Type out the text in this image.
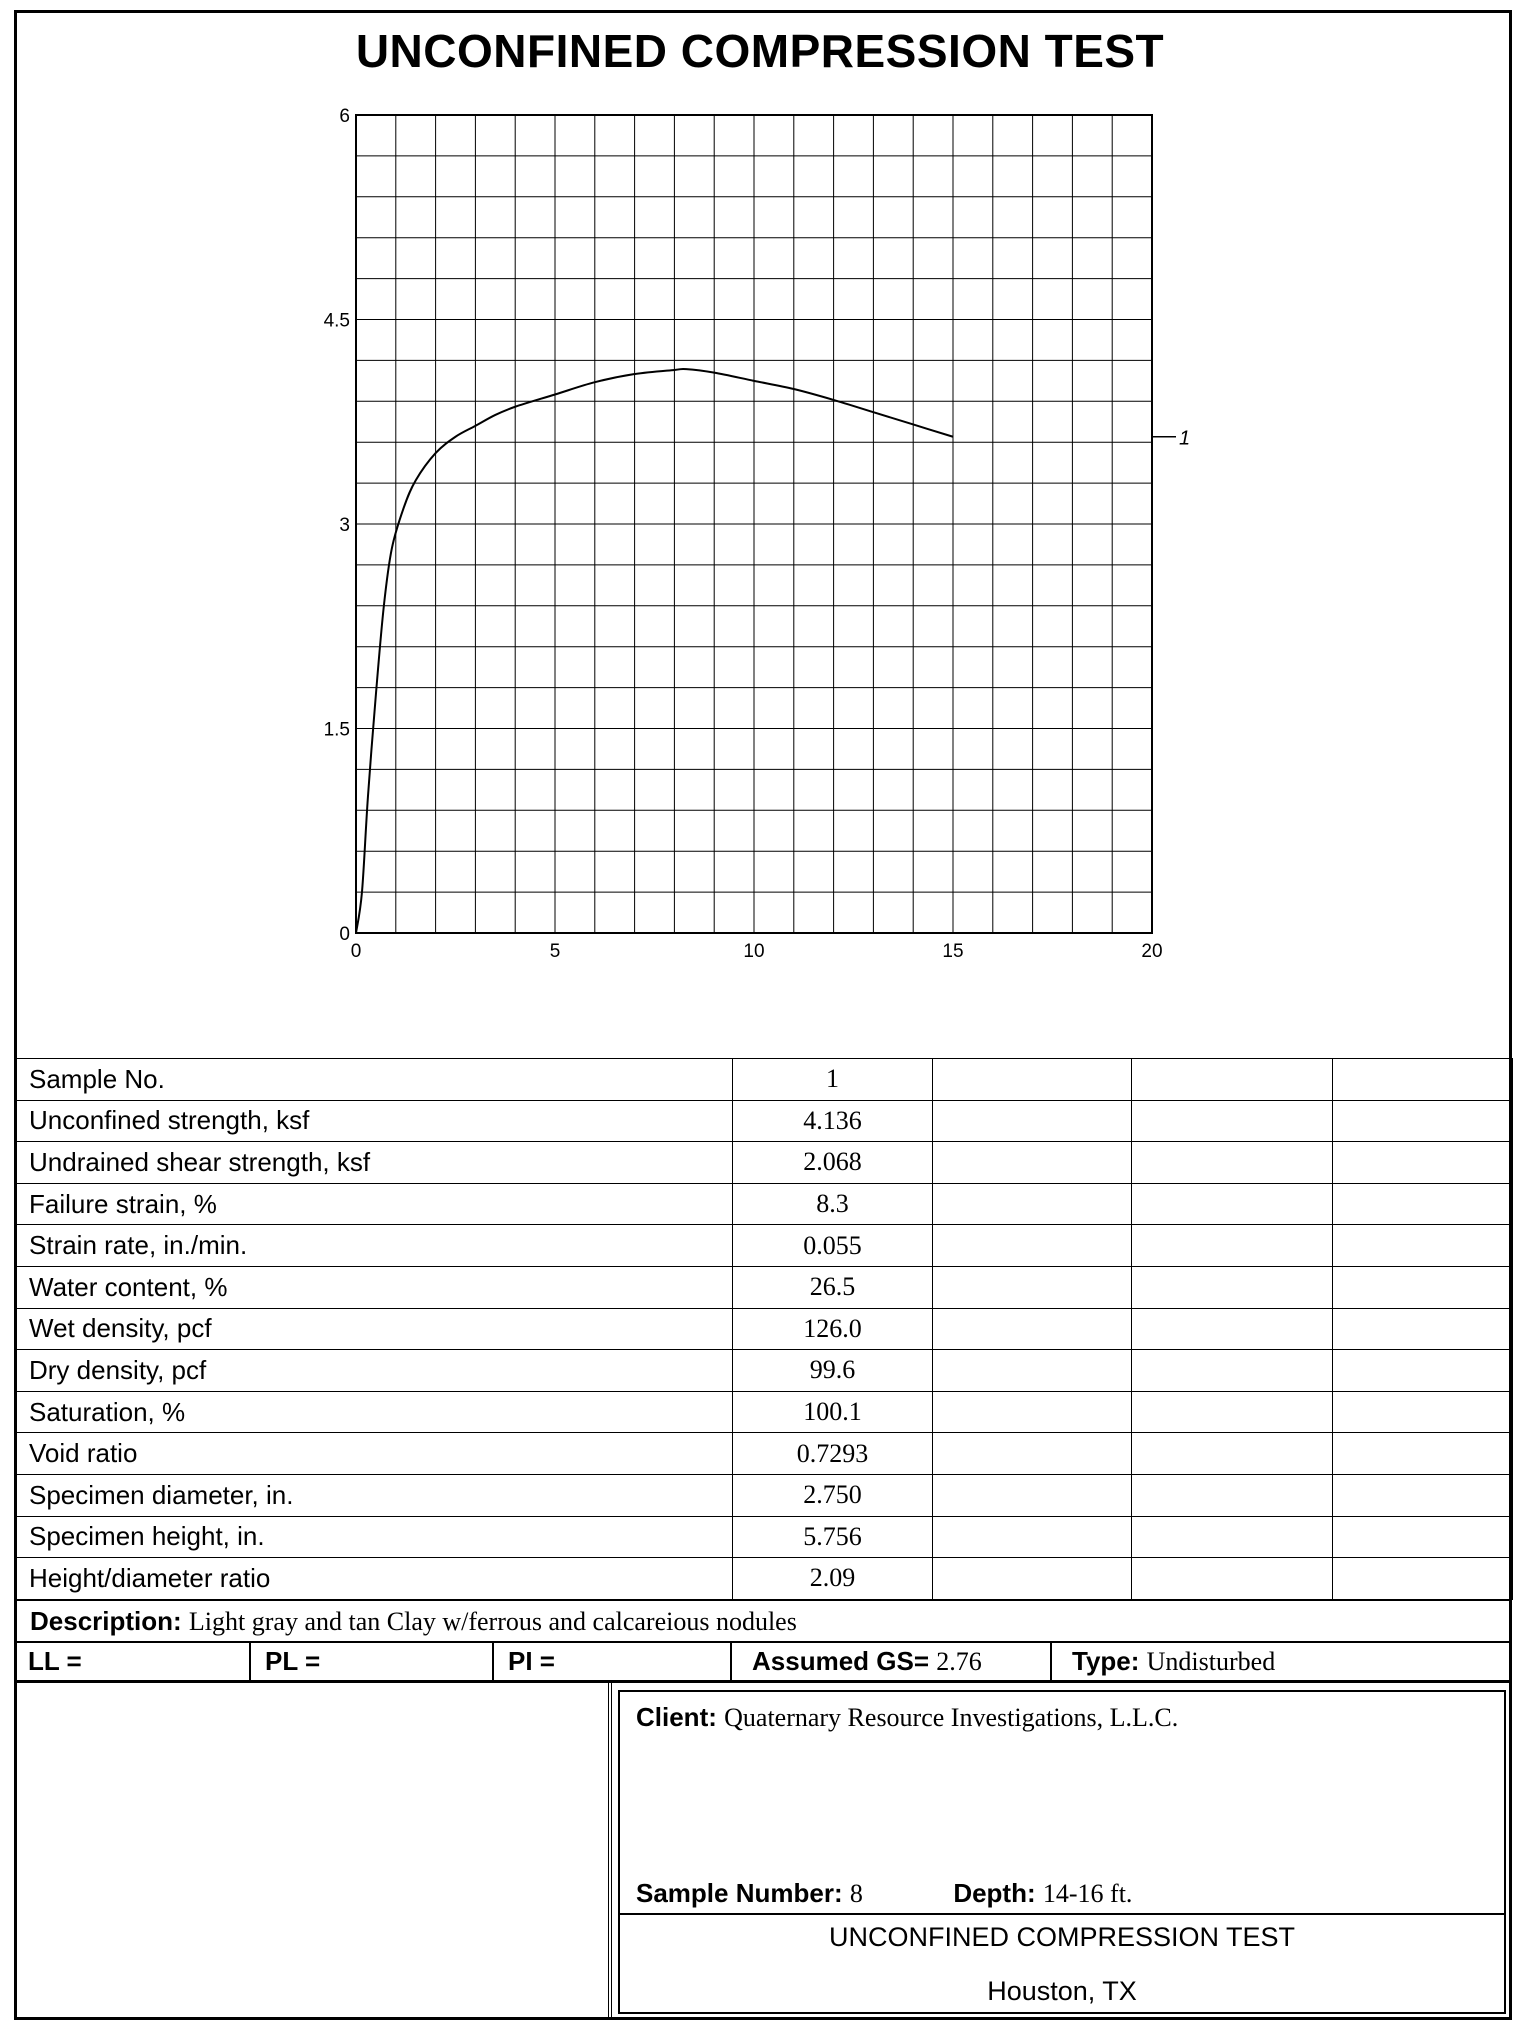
UNCONFINED COMPRESSION TEST
0	5	10	15	20
0
1.5
3
4.5
6
1
Sample No.	1			
Unconfined strength, ksf	4.136			
Undrained shear strength, ksf	2.068			
Failure strain, %	8.3			
Strain rate, in./min.	0.055			
Water content, %	26.5			
Wet density, pcf	126.0			
Dry density, pcf	99.6			
Saturation, %	100.1			
Void ratio	0.7293			
Specimen diameter, in.	2.750			
Specimen height, in.	5.756			
Height/diameter ratio	2.09			
Description: Light gray and tan Clay w/ferrous and calcareious nodules
LL =	PL =	PI =	Assumed GS= 2.76	Type: Undisturbed
Client: Quaternary Resource Investigations, L.L.C.
Sample Number: 8	Depth: 14-16 ft.
UNCONFINED COMPRESSION TEST
Houston, TX
